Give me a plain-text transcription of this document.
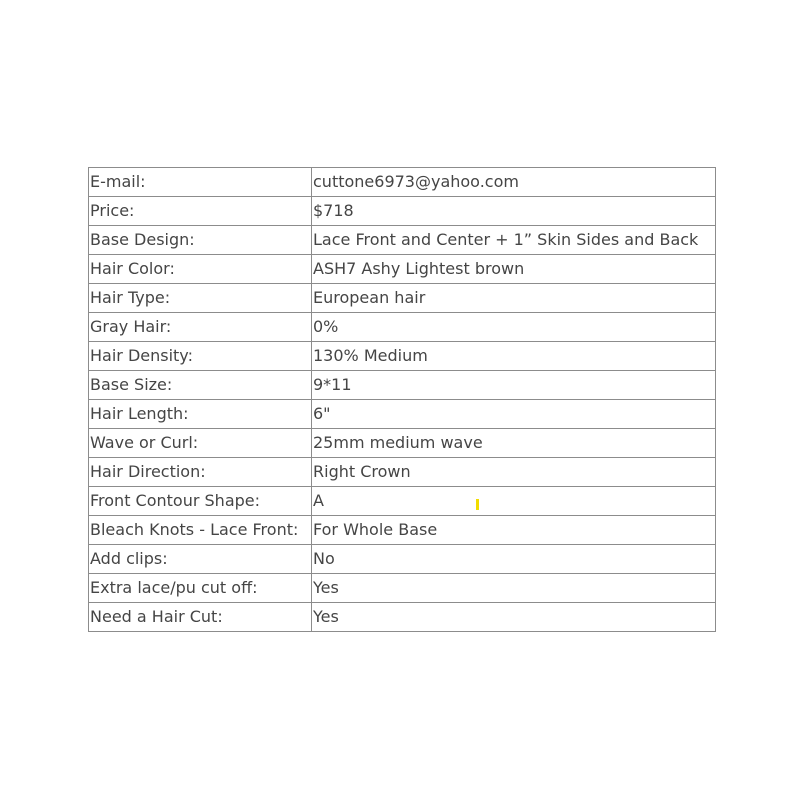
E-mail:	cuttone6973@yahoo.com
Price:	$718
Base Design:	Lace Front and Center + 1” Skin Sides and Back
Hair Color:	ASH7 Ashy Lightest brown
Hair Type:	European hair
Gray Hair:	0%
Hair Density:	130% Medium
Base Size:	9*11
Hair Length:	6"
Wave or Curl:	25mm medium wave
Hair Direction:	Right Crown
Front Contour Shape:	A
Bleach Knots - Lace Front:	For Whole Base
Add clips:	No
Extra lace/pu cut off:	Yes
Need a Hair Cut:	Yes
